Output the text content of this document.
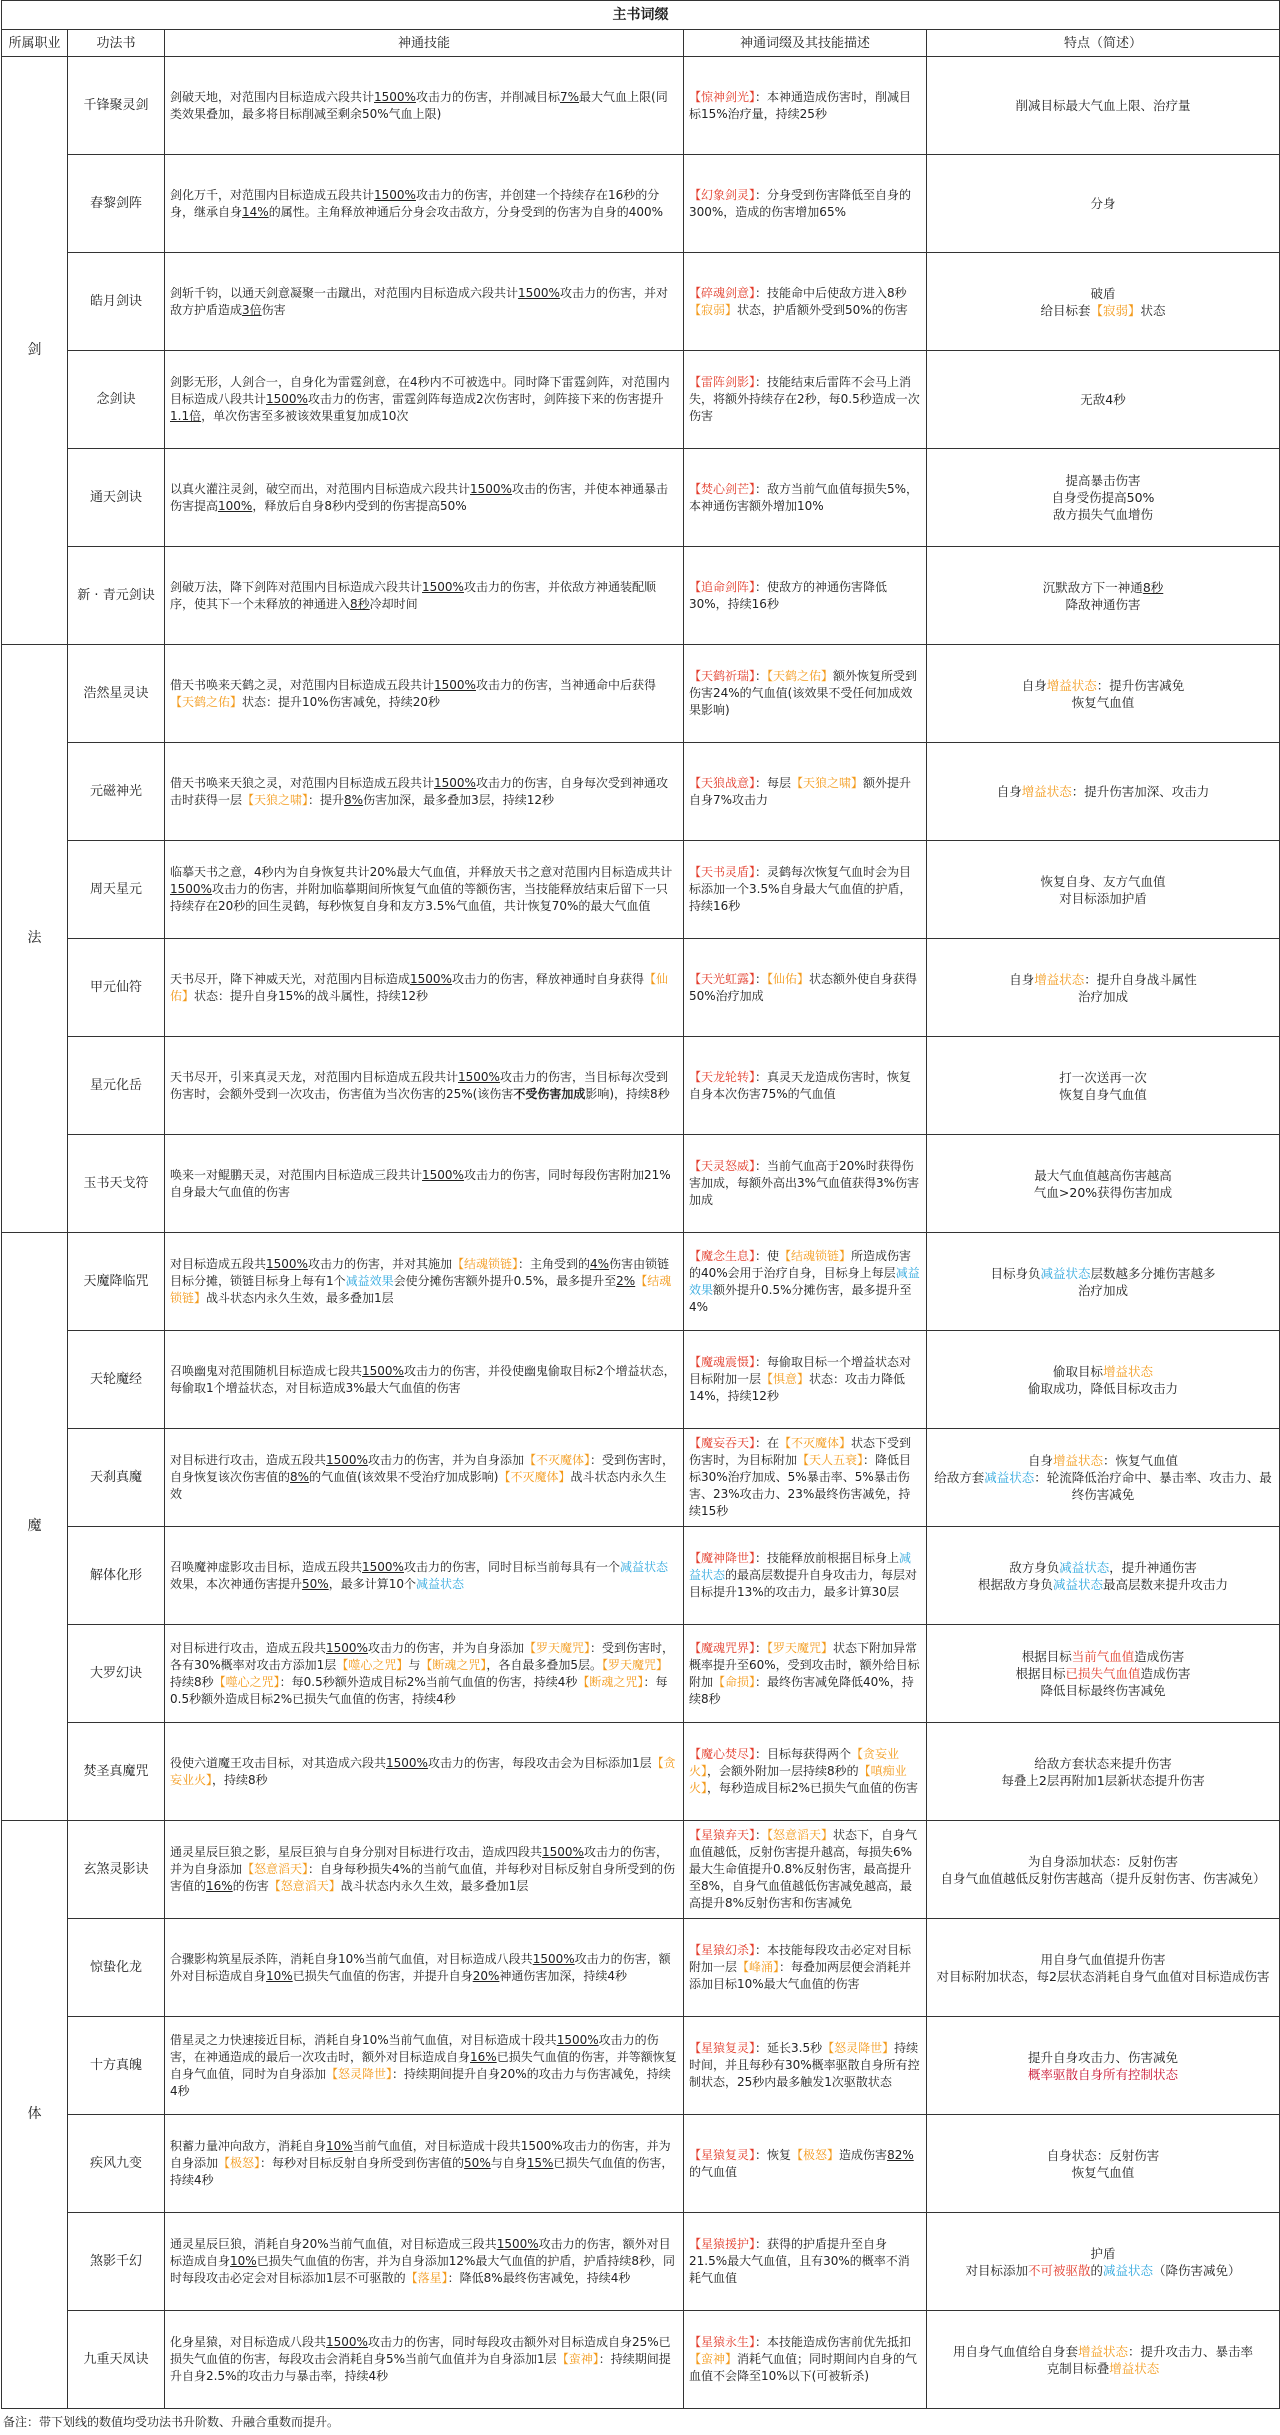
主书词缀				
所属职业	功法书	神通技能	神通词缀及其技能描述	特点（简述）
剑	千锋聚灵剑	剑破天地，对范围内目标造成六段共计1500%攻击力的伤害，并削减目标7%最大气血上限(同类效果叠加，最多将目标削减至剩余50%气血上限)	【惊神剑光】：本神通造成伤害时，削减目标15%治疗量，持续25秒	削减目标最大气血上限、治疗量

	春黎剑阵	剑化万千，对范围内目标造成五段共计1500%攻击力的伤害，并创建一个持续存在16秒的分身，继承自身14%的属性。主角释放神通后分身会攻击敌方，分身受到的伤害为自身的400%	【幻象剑灵】：分身受到伤害降低至自身的300%，造成的伤害增加65%	分身

	皓月剑诀	剑斩千钧，以通天剑意凝聚一击蹴出，对范围内目标造成六段共计1500%攻击力的伤害，并对敌方护盾造成3倍伤害	【碎魂剑意】：技能命中后使敌方进入8秒【寂弱】状态，护盾额外受到50%的伤害	破盾
给目标套【寂弱】状态

	念剑诀	剑影无形，人剑合一，自身化为雷霆剑意，在4秒内不可被选中。同时降下雷霆剑阵，对范围内目标造成八段共计1500%攻击力的伤害，雷霆剑阵每造成2次伤害时，剑阵接下来的伤害提升1.1倍，单次伤害至多被该效果重复加成10次	【雷阵剑影】：技能结束后雷阵不会马上消失，将额外持续存在2秒，每0.5秒造成一次伤害	无敌4秒

	通天剑诀	以真火灌注灵剑，破空而出，对范围内目标造成六段共计1500%攻击的伤害，并使本神通暴击伤害提高100%，释放后自身8秒内受到的伤害提高50%	【焚心剑芒】：敌方当前气血值每损失5%，本神通伤害额外增加10%	提高暴击伤害
自身受伤提高50%
敌方损失气血增伤

	新 · 青元剑诀	剑破万法，降下剑阵对范围内目标造成六段共计1500%攻击力的伤害，并依敌方神通装配顺序，使其下一个未释放的神通进入8秒冷却时间	【追命剑阵】：使敌方的神通伤害降低30%，持续16秒	沉默敌方下一神通8秒
降敌神通伤害

法	浩然星灵诀	借天书唤来天鹤之灵，对范围内目标造成五段共计1500%攻击力的伤害，当神通命中后获得【天鹤之佑】状态：提升10%伤害减免，持续20秒	【天鹤祈瑞】：【天鹤之佑】额外恢复所受到伤害24%的气血值(该效果不受任何加成效果影响)	自身增益状态：提升伤害减免
恢复气血值

	元磁神光	借天书唤来天狼之灵，对范围内目标造成五段共计1500%攻击力的伤害，自身每次受到神通攻击时获得一层【天狼之啸】：提升8%伤害加深，最多叠加3层，持续12秒	【天狼战意】：每层【天狼之啸】额外提升自身7%攻击力	自身增益状态：提升伤害加深、攻击力

	周天星元	临摹天书之意，4秒内为自身恢复共计20%最大气血值，并释放天书之意对范围内目标造成共计1500%攻击力的伤害，并附加临摹期间所恢复气血值的等额伤害，当技能释放结束后留下一只持续存在20秒的回生灵鹤，每秒恢复自身和友方3.5%气血值，共计恢复70%的最大气血值	【天书灵盾】：灵鹤每次恢复气血时会为目标添加一个3.5%自身最大气血值的护盾，持续16秒	恢复自身、友方气血值
对目标添加护盾

	甲元仙符	天书尽开，降下神威天光，对范围内目标造成1500%攻击力的伤害，释放神通时自身获得【仙佑】状态：提升自身15%的战斗属性，持续12秒	【天光虹露】：【仙佑】状态额外使自身获得50%治疗加成	自身增益状态：提升自身战斗属性
治疗加成

	星元化岳	天书尽开，引来真灵天龙，对范围内目标造成五段共计1500%攻击力的伤害，当目标每次受到伤害时，会额外受到一次攻击，伤害值为当次伤害的25%(该伤害不受伤害加成影响)，持续8秒	【天龙轮转】：真灵天龙造成伤害时，恢复自身本次伤害75%的气血值	打一次送再一次
恢复自身气血值

	玉书天戈符	唤来一对鲲鹏天灵，对范围内目标造成三段共计1500%攻击力的伤害，同时每段伤害附加21%自身最大气血值的伤害	【天灵怒威】：当前气血高于20%时获得伤害加成，每额外高出3%气血值获得3%伤害加成	最大气血值越高伤害越高
气血>20%获得伤害加成

魔	天魔降临咒	对目标造成五段共1500%攻击力的伤害，并对其施加【结魂锁链】：主角受到的4%伤害由锁链目标分摊，锁链目标身上每有1个减益效果会使分摊伤害额外提升0.5%，最多提升至2%【结魂锁链】战斗状态内永久生效，最多叠加1层	【魔念生息】：使【结魂锁链】所造成伤害的40%会用于治疗自身，目标身上每层减益效果额外提升0.5%分摊伤害，最多提升至4%	目标身负减益状态层数越多分摊伤害越多
治疗加成

	天轮魔经	召唤幽鬼对范围随机目标造成七段共1500%攻击力的伤害，并役使幽鬼偷取目标2个增益状态，每偷取1个增益状态，对目标造成3%最大气血值的伤害	【魔魂震慑】：每偷取目标一个增益状态对目标附加一层【惧意】状态：攻击力降低14%，持续12秒	偷取目标增益状态
偷取成功，降低目标攻击力

	天刹真魔	对目标进行攻击，造成五段共1500%攻击力的伤害，并为自身添加【不灭魔体】：受到伤害时，自身恢复该次伤害值的8%的气血值(该效果不受治疗加成影响)【不灭魔体】战斗状态内永久生效	【魔妄吞天】：在【不灭魔体】状态下受到伤害时，为目标附加【天人五衰】：降低目标30%治疗加成、5%暴击率、5%暴击伤害、23%攻击力、23%最终伤害减免，持续15秒	自身增益状态：恢复气血值
给敌方套减益状态：轮流降低治疗命中、暴击率、攻击力、最终伤害减免

	解体化形	召唤魔神虚影攻击目标，造成五段共1500%攻击力的伤害，同时目标当前每具有一个减益状态效果，本次神通伤害提升50%，最多计算10个减益状态	【魔神降世】：技能释放前根据目标身上减益状态的最高层数提升自身攻击力，每层对目标提升13%的攻击力，最多计算30层	敌方身负减益状态，提升神通伤害
根据敌方身负减益状态最高层数来提升攻击力

	大罗幻诀	对目标进行攻击，造成五段共1500%攻击力的伤害，并为自身添加【罗天魔咒】：受到伤害时，各有30%概率对攻击方添加1层【噬心之咒】与【断魂之咒】，各自最多叠加5层。【罗天魔咒】持续8秒【噬心之咒】：每0.5秒额外造成目标2%当前气血值的伤害，持续4秒【断魂之咒】：每0.5秒额外造成目标2%已损失气血值的伤害，持续4秒	【魔魂咒界】：【罗天魔咒】状态下附加异常概率提升至60%，受到攻击时，额外给目标附加【命损】：最终伤害减免降低40%，持续8秒	根据目标当前气血值造成伤害
根据目标已损失气血值造成伤害
降低目标最终伤害减免

	焚圣真魔咒	役使六道魔王攻击目标，对其造成六段共1500%攻击力的伤害，每段攻击会为目标添加1层【贪妄业火】，持续8秒	【魔心焚尽】：目标每获得两个【贪妄业火】，会额外附加一层持续8秒的【嗔痴业火】，每秒造成目标2%已损失气血值的伤害	给敌方套状态来提升伤害
每叠上2层再附加1层新状态提升伤害

体	玄煞灵影诀	通灵星辰巨狼之影，星辰巨狼与自身分别对目标进行攻击，造成四段共1500%攻击力的伤害，并为自身添加【怒意滔天】：自身每秒损失4%的当前气血值，并每秒对目标反射自身所受到的伤害值的16%的伤害【怒意滔天】战斗状态内永久生效，最多叠加1层	【星猿弃天】：【怒意滔天】状态下，自身气血值越低，反射伤害提升越高，每损失6%最大生命值提升0.8%反射伤害，最高提升至8%，自身气血值越低伤害减免越高，最高提升8%反射伤害和伤害减免	为自身添加状态：反射伤害
自身气血值越低反射伤害越高（提升反射伤害、伤害减免）

	惊蛰化龙	合骤影构筑星辰杀阵，消耗自身10%当前气血值，对目标造成八段共1500%攻击力的伤害，额外对目标造成自身10%已损失气血值的伤害，并提升自身20%神通伤害加深，持续4秒	【星猿幻杀】：本技能每段攻击必定对目标附加一层【峰涌】：每叠加两层便会消耗并添加目标10%最大气血值的伤害	用自身气血值提升伤害
对目标附加状态，每2层状态消耗自身气血值对目标造成伤害

	十方真魄	借星灵之力快速接近目标，消耗自身10%当前气血值，对目标造成十段共1500%攻击力的伤害，在神通造成的最后一次攻击时，额外对目标造成自身16%已损失气血值的伤害，并等额恢复自身气血值，同时为自身添加【怒灵降世】：持续期间提升自身20%的攻击力与伤害减免，持续4秒	【星猿复灵】：延长3.5秒【怒灵降世】持续时间，并且每秒有30%概率驱散自身所有控制状态，25秒内最多触发1次驱散状态	提升自身攻击力、伤害减免
概率驱散自身所有控制状态

	疾风九变	积蓄力量冲向敌方，消耗自身10%当前气血值，对目标造成十段共1500%攻击力的伤害，并为自身添加【极怒】：每秒对目标反射自身所受到伤害值的50%与自身15%已损失气血值的伤害，持续4秒	【星猿复灵】：恢复【极怒】造成伤害82%的气血值	自身状态：反射伤害
恢复气血值

	煞影千幻	通灵星辰巨狼，消耗自身20%当前气血值，对目标造成三段共1500%攻击力的伤害，额外对目标造成自身10%已损失气血值的伤害，并为自身添加12%最大气血值的护盾，护盾持续8秒，同时每段攻击必定会对目标添加1层不可驱散的【落星】：降低8%最终伤害减免，持续4秒	【星猿援护】：获得的护盾提升至自身21.5%最大气血值，且有30%的概率不消耗气血值	护盾
对目标添加不可被驱散的减益状态（降伤害减免）

	九重天凤诀	化身星猿，对目标造成八段共1500%攻击力的伤害，同时每段攻击额外对目标造成自身25%已损失气血值的伤害，每段攻击会消耗自身5%当前气血值并为自身添加1层【蛮神】：持续期间提升自身2.5%的攻击力与暴击率，持续4秒	【星猿永生】：本技能造成伤害前优先抵扣【蛮神】消耗气血值；同时期间内自身的气血值不会降至10%以下(可被斩杀)	用自身气血值给自身套增益状态：提升攻击力、暴击率
克制目标叠增益状态
备注：带下划线的数值均受功法书升阶数、升融合重数而提升。
